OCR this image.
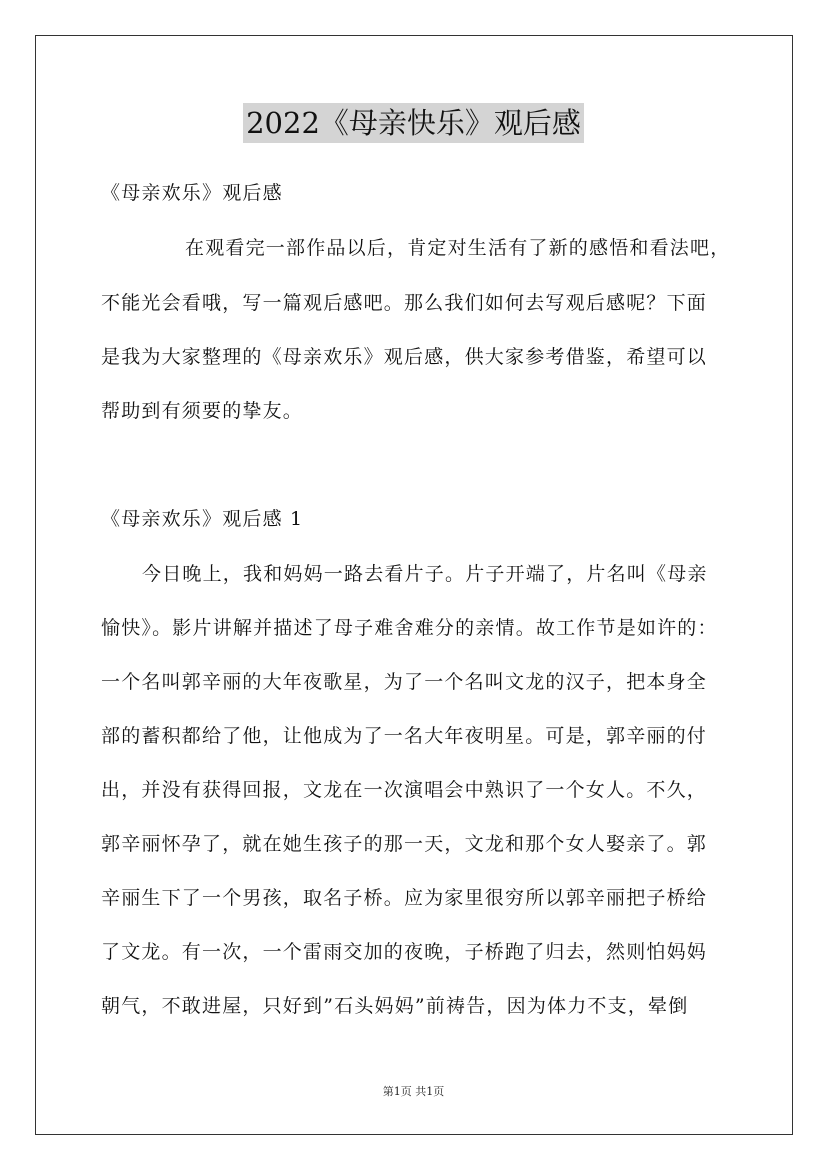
2022《母亲快乐》观后感
《母亲欢乐》观后感
在观看完一部作品以后，肯定对生活有了新的感悟和看法吧，
不能光会看哦，写一篇观后感吧。那么我们如何去写观后感呢？下面
是我为大家整理的《母亲欢乐》观后感，供大家参考借鉴，希望可以
帮助到有须要的挚友。
《母亲欢乐》观后感 1
今日晚上，我和妈妈一路去看片子。片子开端了，片名叫《母亲
愉快》。影片讲解并描述了母子难舍难分的亲情。故工作节是如许的：
一个名叫郭辛丽的大年夜歌星，为了一个名叫文龙的汉子，把本身全
部的蓄积都给了他，让他成为了一名大年夜明星。可是，郭辛丽的付
出，并没有获得回报，文龙在一次演唱会中熟识了一个女人。不久，
郭辛丽怀孕了，就在她生孩子的那一天，文龙和那个女人娶亲了。郭
辛丽生下了一个男孩，取名子桥。应为家里很穷所以郭辛丽把子桥给
了文龙。有一次，一个雷雨交加的夜晚，子桥跑了归去，然则怕妈妈
朝气，不敢进屋，只好到”石头妈妈”前祷告，因为体力不支，晕倒
第1页 共1页
